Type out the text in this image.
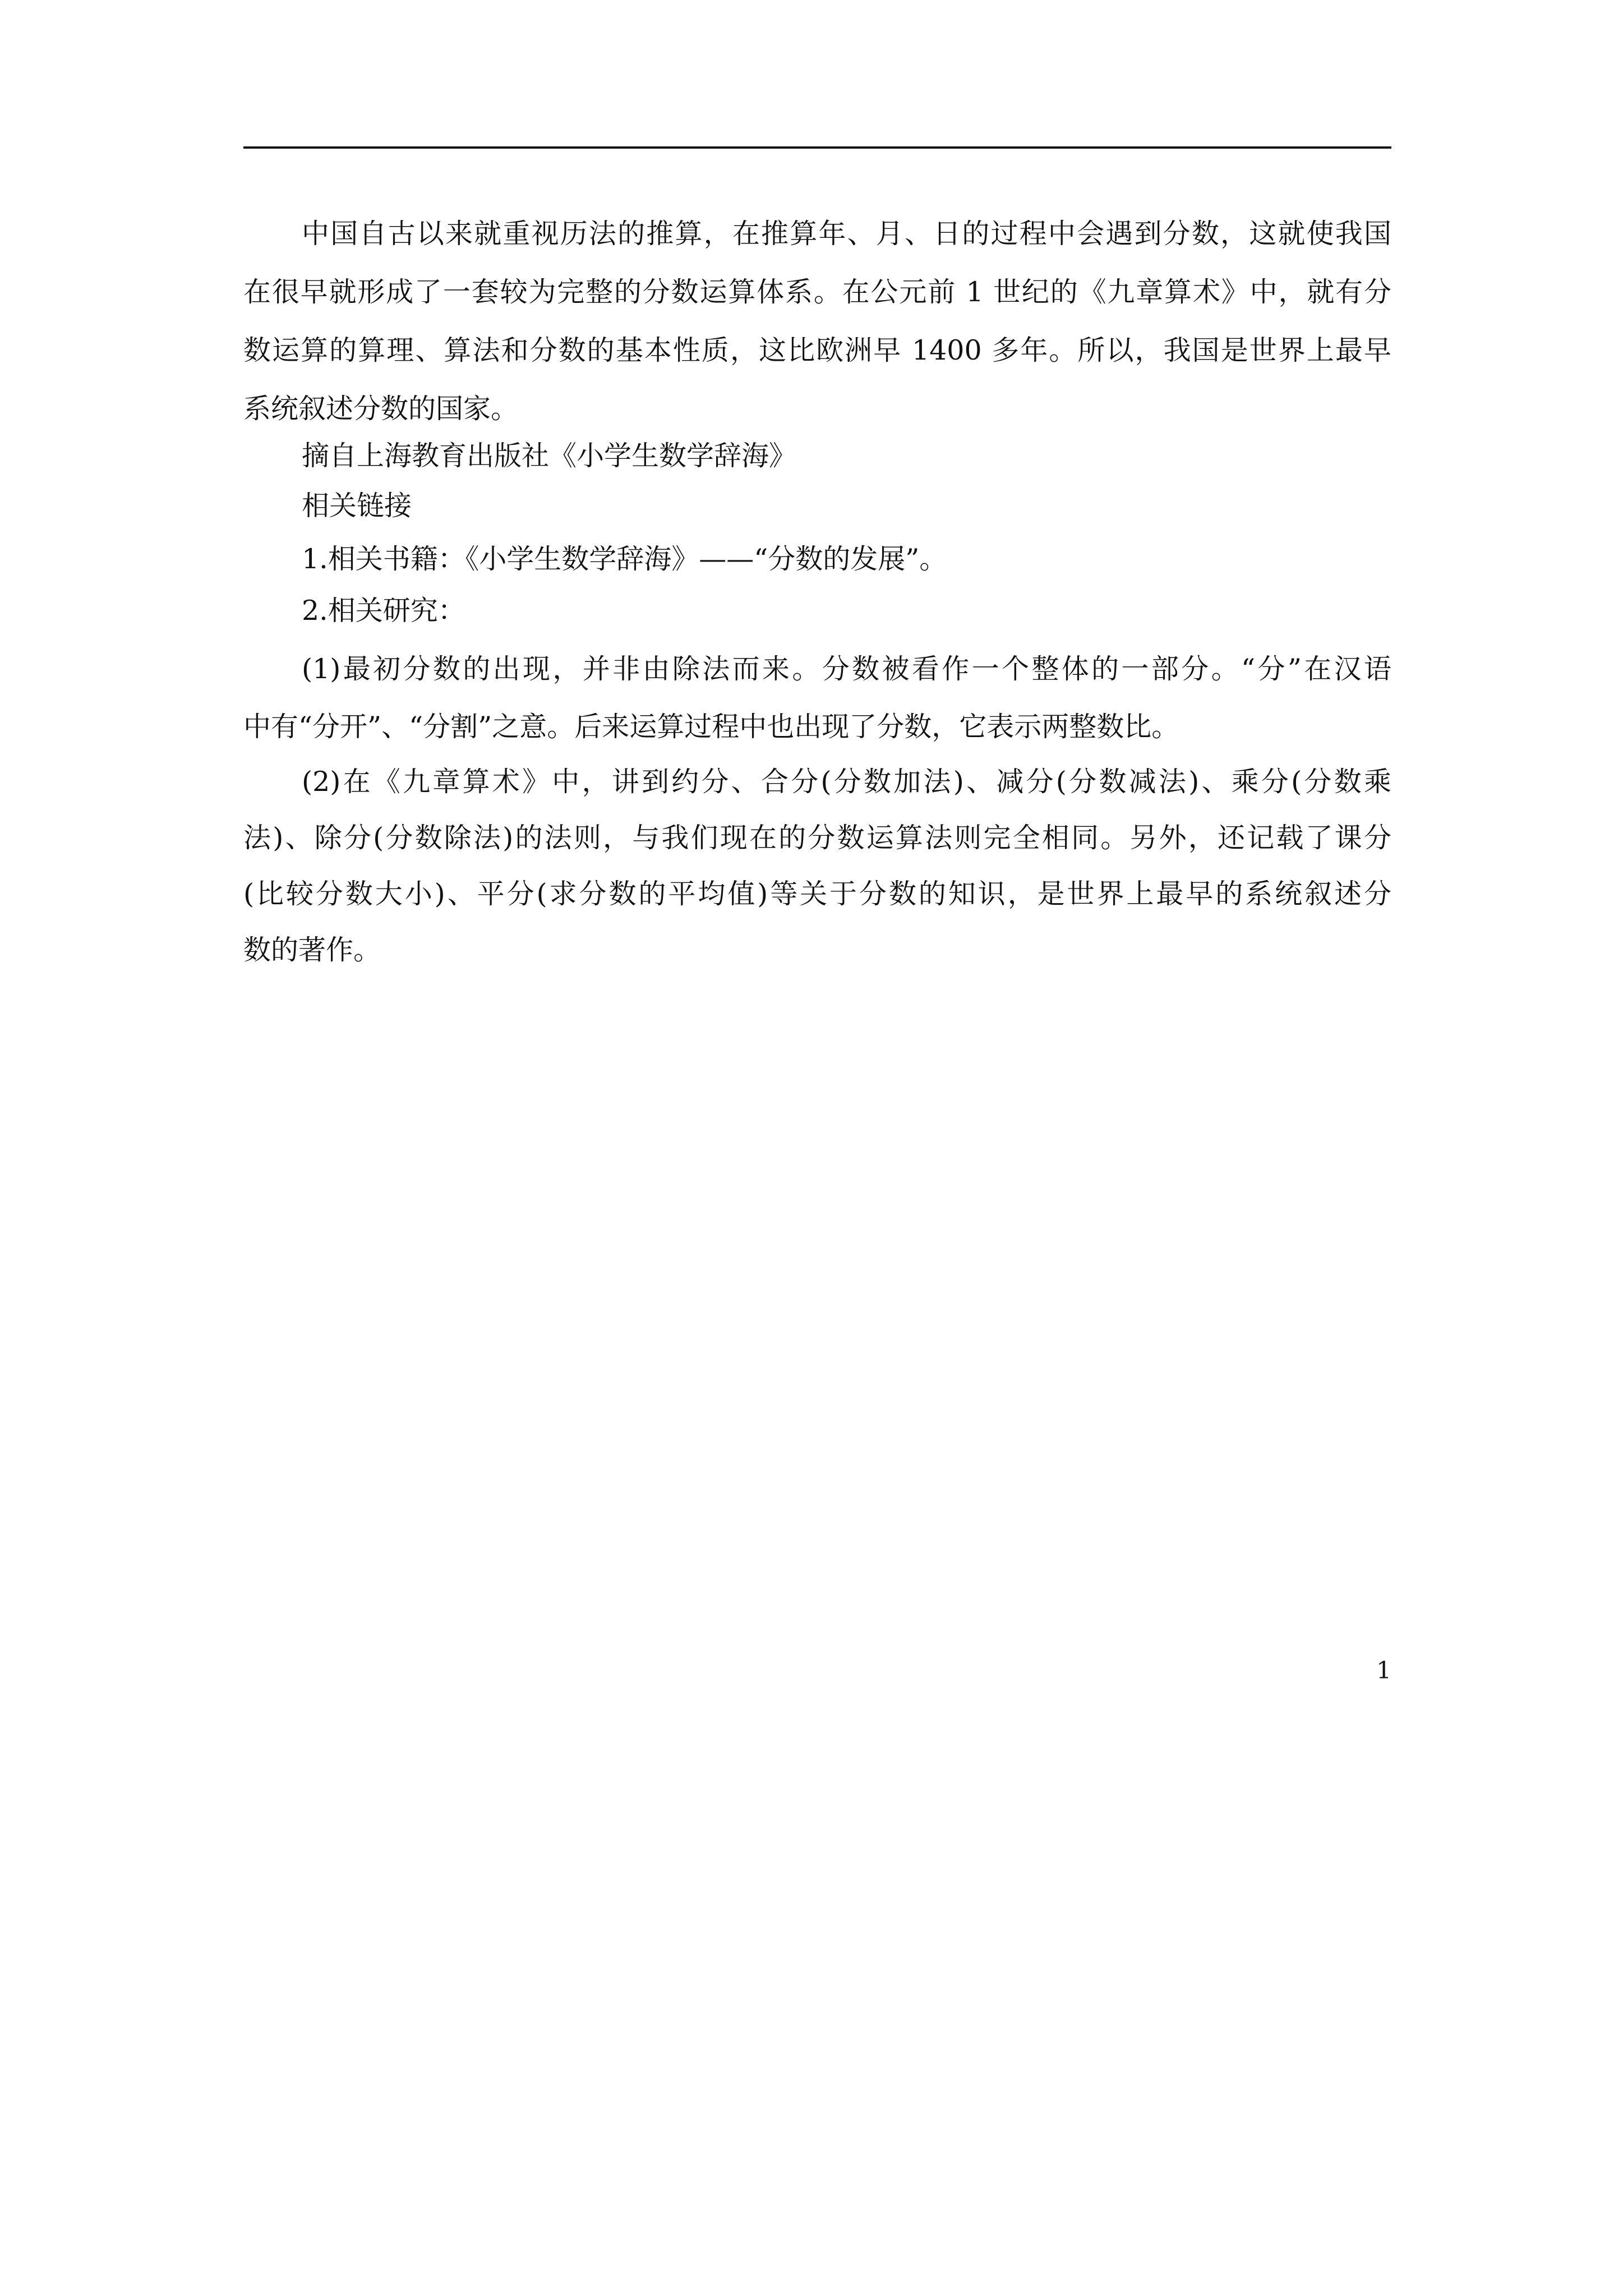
中国自古以来就重视历法的推算，在推算年、月、日的过程中会遇到分数，这就使我国
在很早就形成了一套较为完整的分数运算体系。在公元前 1 世纪的《九章算术》中，就有分
数运算的算理、算法和分数的基本性质，这比欧洲早 1400 多年。所以，我国是世界上最早
系统叙述分数的国家。
摘自上海教育出版社《小学生数学辞海》
相关链接
1.相关书籍：《小学生数学辞海》——“分数的发展”。
2.相关研究：
(1)最初分数的出现，并非由除法而来。分数被看作一个整体的一部分。“分”在汉语
中有“分开”、“分割”之意。后来运算过程中也出现了分数，它表示两整数比。
(2)在《九章算术》中，讲到约分、合分(分数加法)、减分(分数减法)、乘分(分数乘
法)、除分(分数除法)的法则，与我们现在的分数运算法则完全相同。另外，还记载了课分
(比较分数大小)、平分(求分数的平均值)等关于分数的知识，是世界上最早的系统叙述分
数的著作。
1
